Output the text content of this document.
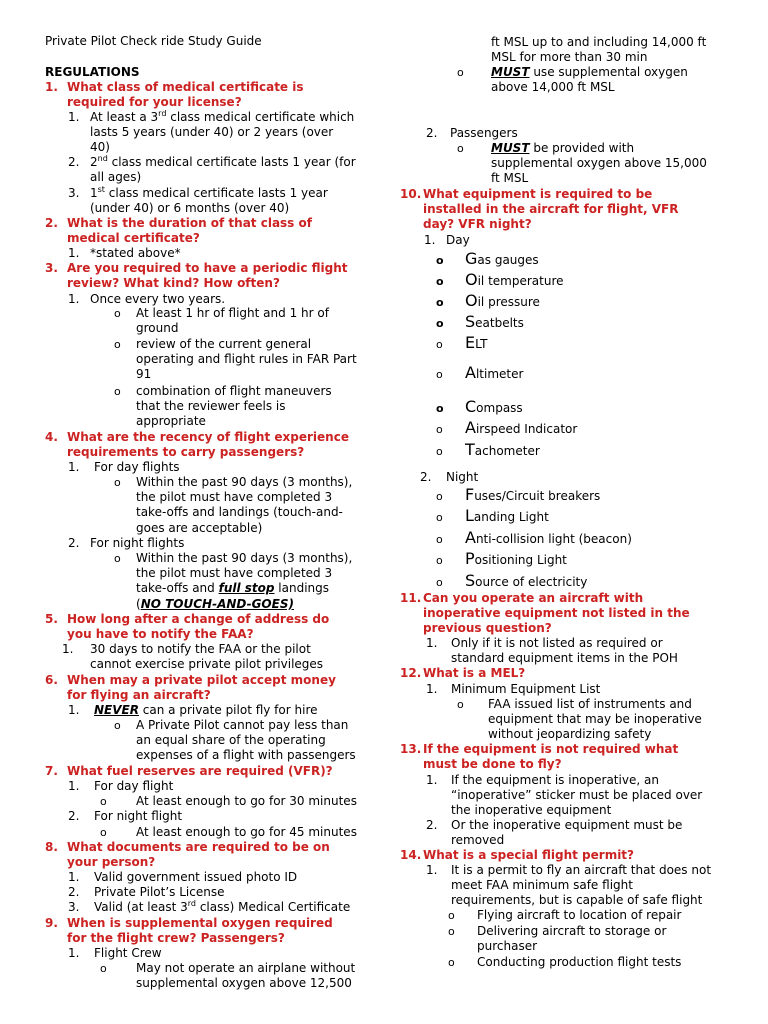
Private Pilot Check ride Study Guide
REGULATIONS
1. What class of medical certificate is
required for your license?
1. At least a 3rd class medical certificate which
lasts 5 years (under 40) or 2 years (over
40)
2. 2nd class medical certificate lasts 1 year (for
all ages)
3. 1st class medical certificate lasts 1 year
(under 40) or 6 months (over 40)
2. What is the duration of that class of
medical certificate?
1. *stated above*
3. Are you required to have a periodic flight
review? What kind? How often?
1. Once every two years.
o At least 1 hr of flight and 1 hr of
ground
o review of the current general
operating and flight rules in FAR Part
91
o combination of flight maneuvers
that the reviewer feels is
appropriate
4. What are the recency of flight experience
requirements to carry passengers?
1. For day flights
o Within the past 90 days (3 months),
the pilot must have completed 3
take-offs and landings (touch-and-
goes are acceptable)
2. For night flights
o Within the past 90 days (3 months),
the pilot must have completed 3
take-offs and full stop landings
(NO TOUCH-AND-GOES)
5. How long after a change of address do
you have to notify the FAA?
1. 30 days to notify the FAA or the pilot
cannot exercise private pilot privileges
6. When may a private pilot accept money
for flying an aircraft?
1. NEVER can a private pilot fly for hire
o A Private Pilot cannot pay less than
an equal share of the operating
expenses of a flight with passengers
7. What fuel reserves are required (VFR)?
1. For day flight
o At least enough to go for 30 minutes
2. For night flight
o At least enough to go for 45 minutes
8. What documents are required to be on
your person?
1. Valid government issued photo ID
2. Private Pilot’s License
3. Valid (at least 3rd class) Medical Certificate
9. When is supplemental oxygen required
for the flight crew? Passengers?
1. Flight Crew
o May not operate an airplane without
supplemental oxygen above 12,500
ft MSL up to and including 14,000 ft
MSL for more than 30 min
o MUST use supplemental oxygen
above 14,000 ft MSL
2. Passengers
o MUST be provided with
supplemental oxygen above 15,000
ft MSL
10. What equipment is required to be
installed in the aircraft for flight, VFR
day? VFR night?
1. Day
o Gas gauges
o Oil temperature
o Oil pressure
o Seatbelts
o ELT
o Altimeter
o Compass
o Airspeed Indicator
o Tachometer
2. Night
o Fuses/Circuit breakers
o Landing Light
o Anti-collision light (beacon)
o Positioning Light
o Source of electricity
11. Can you operate an aircraft with
inoperative equipment not listed in the
previous question?
1. Only if it is not listed as required or
standard equipment items in the POH
12. What is a MEL?
1. Minimum Equipment List
o FAA issued list of instruments and
equipment that may be inoperative
without jeopardizing safety
13. If the equipment is not required what
must be done to fly?
1. If the equipment is inoperative, an
“inoperative” sticker must be placed over
the inoperative equipment
2. Or the inoperative equipment must be
removed
14. What is a special flight permit?
1. It is a permit to fly an aircraft that does not
meet FAA minimum safe flight
requirements, but is capable of safe flight
o Flying aircraft to location of repair
o Delivering aircraft to storage or
purchaser
o Conducting production flight tests
